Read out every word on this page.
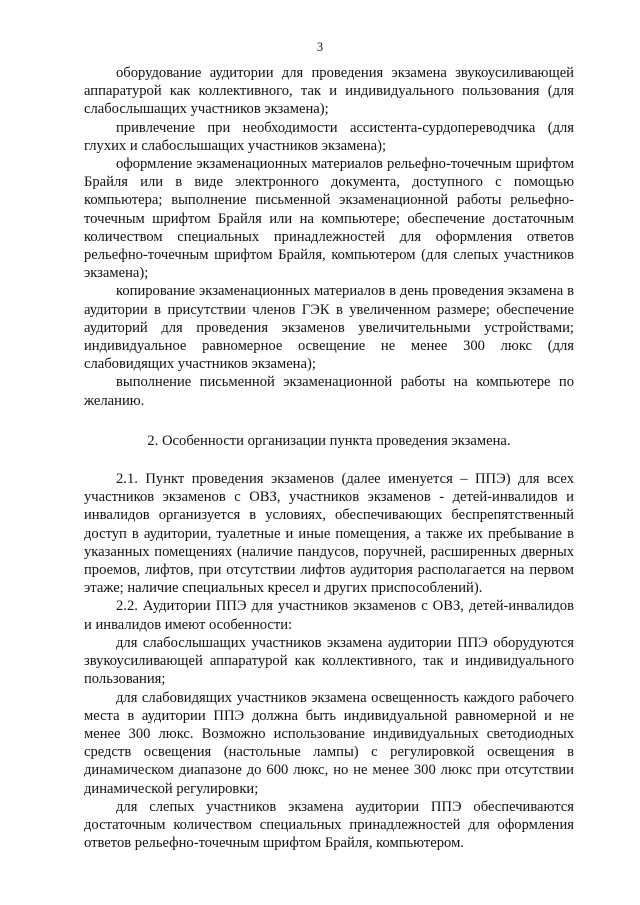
3

оборудование аудитории для проведения экзамена звукоусиливающей аппаратурой как коллективного, так и индивидуального пользования (для слабослышащих участников экзамена);

привлечение при необходимости ассистента-сурдопереводчика (для глухих и слабослышащих участников экзамена);

оформление экзаменационных материалов рельефно-точечным шрифтом Брайля или в виде электронного документа, доступного с помощью компьютера; выполнение письменной экзаменационной работы рельефно-точечным шрифтом Брайля или на компьютере; обеспечение достаточным количеством специальных принадлежностей для оформления ответов рельефно-точечным шрифтом Брайля, компьютером (для слепых участников экзамена);

копирование экзаменационных материалов в день проведения экзамена в аудитории в присутствии членов ГЭК в увеличенном размере; обеспечение аудиторий для проведения экзаменов увеличительными устройствами; индивидуальное равномерное освещение не менее 300 люкс (для слабовидящих участников экзамена);

выполнение письменной экзаменационной работы на компьютере по желанию.

2. Особенности организации пункта проведения экзамена.

2.1. Пункт проведения экзаменов (далее именуется – ППЭ) для всех участников экзаменов с ОВЗ, участников экзаменов - детей-инвалидов и инвалидов организуется в условиях, обеспечивающих беспрепятственный доступ в аудитории, туалетные и иные помещения, а также их пребывание в указанных помещениях (наличие пандусов, поручней, расширенных дверных проемов, лифтов, при отсутствии лифтов аудитория располагается на первом этаже; наличие специальных кресел и других приспособлений).

2.2. Аудитории ППЭ для участников экзаменов с ОВЗ, детей-инвалидов и инвалидов имеют особенности:

для слабослышащих участников экзамена аудитории ППЭ оборудуются звукоусиливающей аппаратурой как коллективного, так и индивидуального пользования;

для слабовидящих участников экзамена освещенность каждого рабочего места в аудитории ППЭ должна быть индивидуальной равномерной и не менее 300 люкс. Возможно использование индивидуальных светодиодных средств освещения (настольные лампы) с регулировкой освещения в динамическом диапазоне до 600 люкс, но не менее 300 люкс при отсутствии динамической регулировки;

для слепых участников экзамена аудитории ППЭ обеспечиваются достаточным количеством специальных принадлежностей для оформления ответов рельефно-точечным шрифтом Брайля, компьютером.
